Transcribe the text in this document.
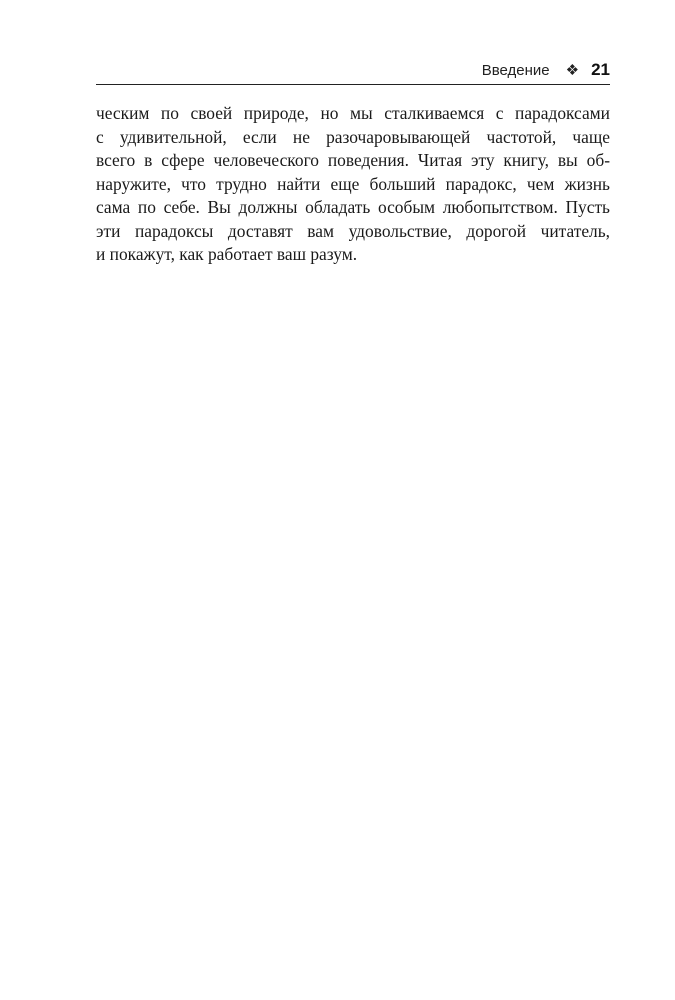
Введение ❖ 21

ческим по своей природе, но мы сталкиваемся с парадоксами
с удивительной, если не разочаровывающей частотой, чаще
всего в сфере человеческого поведения. Читая эту книгу, вы об-
наружите, что трудно найти еще больший парадокс, чем жизнь
сама по себе. Вы должны обладать особым любопытством. Пусть
эти парадоксы доставят вам удовольствие, дорогой читатель,
и покажут, как работает ваш разум.
